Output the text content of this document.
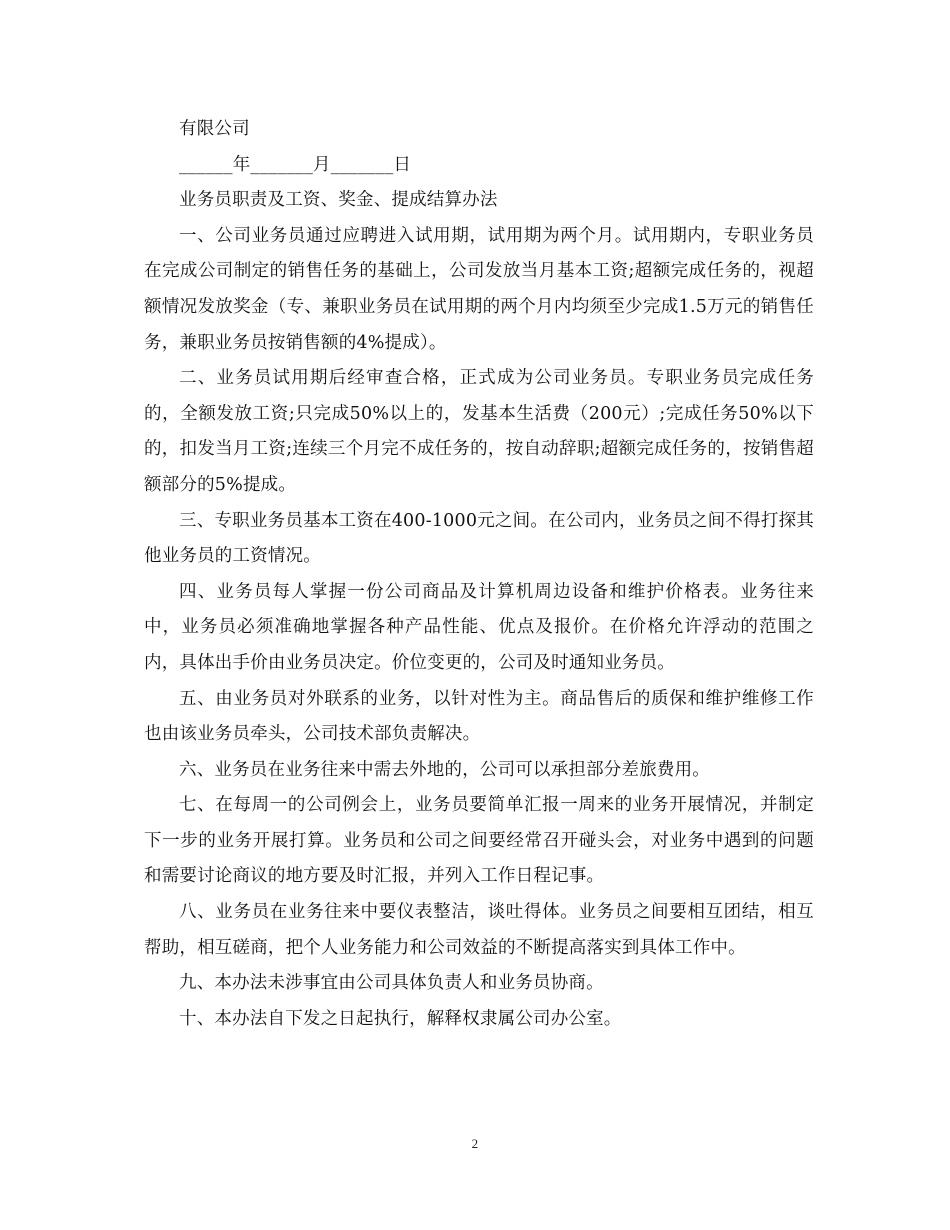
有限公司

______年_______月_______日

业务员职责及工资、奖金、提成结算办法

一、公司业务员通过应聘进入试用期，试用期为两个月。试用期内，专职业务员在完成公司制定的销售任务的基础上，公司发放当月基本工资;超额完成任务的，视超额情况发放奖金（专、兼职业务员在试用期的两个月内均须至少完成1.5万元的销售任务，兼职业务员按销售额的4%提成）。

二、业务员试用期后经审查合格，正式成为公司业务员。专职业务员完成任务的，全额发放工资;只完成50%以上的，发基本生活费（200元）;完成任务50%以下的，扣发当月工资;连续三个月完不成任务的，按自动辞职;超额完成任务的，按销售超额部分的5%提成。

三、专职业务员基本工资在400-1000元之间。在公司内，业务员之间不得打探其他业务员的工资情况。

四、业务员每人掌握一份公司商品及计算机周边设备和维护价格表。业务往来中，业务员必须准确地掌握各种产品性能、优点及报价。在价格允许浮动的范围之内，具体出手价由业务员决定。价位变更的，公司及时通知业务员。

五、由业务员对外联系的业务，以针对性为主。商品售后的质保和维护维修工作也由该业务员牵头，公司技术部负责解决。

六、业务员在业务往来中需去外地的，公司可以承担部分差旅费用。

七、在每周一的公司例会上，业务员要简单汇报一周来的业务开展情况，并制定下一步的业务开展打算。业务员和公司之间要经常召开碰头会，对业务中遇到的问题和需要讨论商议的地方要及时汇报，并列入工作日程记事。

八、业务员在业务往来中要仪表整洁，谈吐得体。业务员之间要相互团结，相互帮助，相互磋商，把个人业务能力和公司效益的不断提高落实到具体工作中。

九、本办法未涉事宜由公司具体负责人和业务员协商。

十、本办法自下发之日起执行，解释权隶属公司办公室。

2
